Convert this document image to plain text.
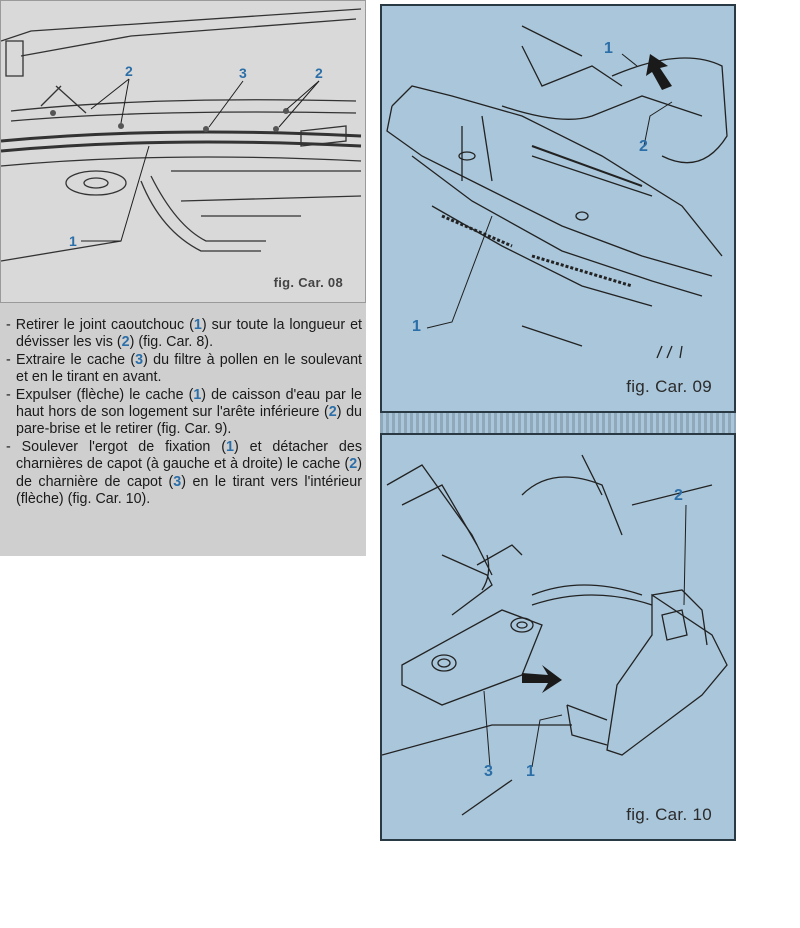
2	3	2
1
fig. Car. 08
- Retirer le joint caoutchouc (1) sur toute la longueur et dévisser les vis (2) (fig. Car. 8).
- Extraire le cache (3) du filtre à pollen en le soulevant et en le tirant en avant.
- Expulser (flèche) le cache (1) de caisson d'eau par le haut hors de son logement sur l'arête inférieure (2) du pare-brise et le retirer (fig. Car. 9).
- Soulever l'ergot de fixation (1) et détacher des charnières de capot (à gauche et à droite) le cache (2) de charnière de capot (3) en le tirant vers l'intérieur (flèche) (fig. Car. 10).
1
2
1
fig. Car. 09
2
3 1
fig. Car. 10
